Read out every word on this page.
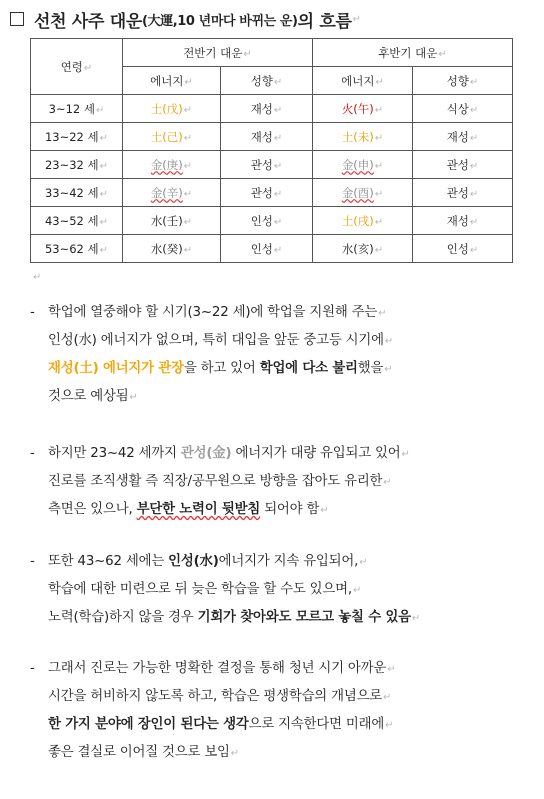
선천 사주 대운 (大運,10 년마다 바뀌는 운) 의 흐름 ↵
연령↵	전반기 대운↵		후반기 대운↵	
	에너지↵	성향↵	에너지↵	성향↵
3~12 세↵	土(戊)↵	재성↵	火(午)↵	식상↵
13~22 세↵	土(己)↵	재성↵	土(未)↵	재성↵
23~32 세↵	金(庚)↵	관성↵	金(申)↵	관성↵
33~42 세↵	金(辛)↵	관성↵	金(酉)↵	관성↵
43~52 세↵	水(壬)↵	인성↵	土(戌)↵	재성↵
53~62 세↵	水(癸)↵	인성↵	水(亥)↵	인성↵
↵
- 학업에 열중해야 할 시기(3~22 세)에 학업을 지원해 주는↵
인성(水) 에너지가 없으며, 특히 대입을 앞둔 중고등 시기에↵
재성(土) 에너지가 관장을 하고 있어 학업에 다소 불리했을↵
것으로 예상됨↵
- 하지만 23~42 세까지 관성(金) 에너지가 대량 유입되고 있어↵
진로를 조직생활 즉 직장/공무원으로 방향을 잡아도 유리한↵
측면은 있으나, 부단한 노력이 뒷받침 되어야 함↵
- 또한 43~62 세에는 인성(水)에너지가 지속 유입되어,↵
학습에 대한 미련으로 뒤 늦은 학습을 할 수도 있으며,↵
노력(학습)하지 않을 경우 기회가 찾아와도 모르고 놓칠 수 있음↵
- 그래서 진로는 가능한 명확한 결정을 통해 청년 시기 아까운↵
시간을 허비하지 않도록 하고, 학습은 평생학습의 개념으로↵
한 가지 분야에 장인이 된다는 생각으로 지속한다면 미래에↵
좋은 결실로 이어질 것으로 보임↵
